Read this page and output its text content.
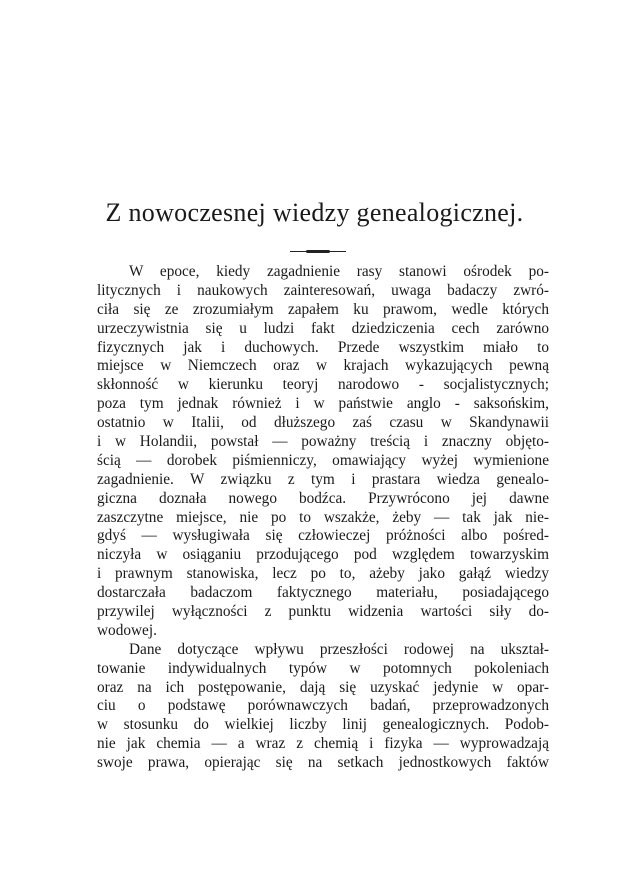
Z nowoczesnej wiedzy genealogicznej.
W epoce, kiedy zagadnienie rasy stanowi ośrodek po-
litycznych i naukowych zainteresowań, uwaga badaczy zwró-
ciła się ze zrozumiałym zapałem ku prawom, wedle których
urzeczywistnia się u ludzi fakt dziedziczenia cech zarówno
fizycznych jak i duchowych. Przede wszystkim miało to
miejsce w Niemczech oraz w krajach wykazujących pewną
skłonność w kierunku teoryj narodowo - socjalistycznych;
poza tym jednak również i w państwie anglo - saksońskim,
ostatnio w Italii, od dłuższego zaś czasu w Skandynawii
i w Holandii, powstał — poważny treścią i znaczny objęto-
ścią — dorobek piśmienniczy, omawiający wyżej wymienione
zagadnienie. W związku z tym i prastara wiedza genealo-
giczna doznała nowego bodźca. Przywrócono jej dawne
zaszczytne miejsce, nie po to wszakże, żeby — tak jak nie-
gdyś — wysługiwała się człowieczej próżności albo pośred-
niczyła w osiąganiu przodującego pod względem towarzyskim
i prawnym stanowiska, lecz po to, ażeby jako gałąź wiedzy
dostarczała badaczom faktycznego materiału, posiadającego
przywilej wyłączności z punktu widzenia wartości siły do-
wodowej.
Dane dotyczące wpływu przeszłości rodowej na ukształ-
towanie indywidualnych typów w potomnych pokoleniach
oraz na ich postępowanie, dają się uzyskać jedynie w opar-
ciu o podstawę porównawczych badań, przeprowadzonych
w stosunku do wielkiej liczby linij genealogicznych. Podob-
nie jak chemia — a wraz z chemią i fizyka — wyprowadzają
swoje prawa, opierając się na setkach jednostkowych faktów
